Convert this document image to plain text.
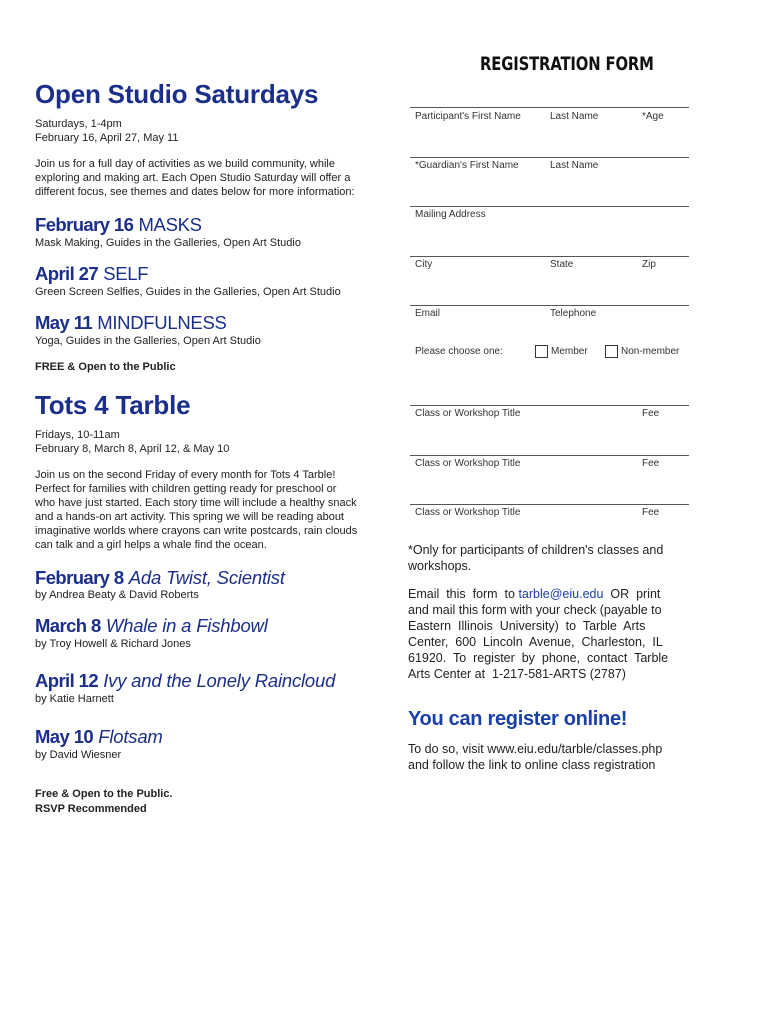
Open Studio Saturdays
Saturdays, 1-4pm
February 16, April 27, May 11
Join us for a full day of activities as we build community, while
exploring and making art. Each Open Studio Saturday will offer a
different focus, see themes and dates below for more information:
February 16 MASKS
Mask Making, Guides in the Galleries, Open Art Studio
April 27 SELF
Green Screen Selfies, Guides in the Galleries, Open Art Studio
May 11 MINDFULNESS
Yoga, Guides in the Galleries, Open Art Studio
FREE & Open to the Public
Tots 4 Tarble
Fridays, 10-11am
February 8, March 8, April 12, & May 10
Join us on the second Friday of every month for Tots 4 Tarble!
Perfect for families with children getting ready for preschool or
who have just started. Each story time will include a healthy snack
and a hands-on art activity. This spring we will be reading about
imaginative worlds where crayons can write postcards, rain clouds
can talk and a girl helps a whale find the ocean.
February 8 Ada Twist, Scientist
by Andrea Beaty & David Roberts
March 8 Whale in a Fishbowl
by Troy Howell & Richard Jones
April 12 Ivy and the Lonely Raincloud
by Katie Harnett
May 10 Flotsam
by David Wiesner
Free & Open to the Public.
RSVP Recommended
REGISTRATION FORM
Participant's First Name	Last Name	*Age
*Guardian's First Name	Last Name
Mailing Address
City	State	Zip
Email	Telephone
Please choose one:	Member	Non-member
Class or Workshop Title	Fee
Class or Workshop Title	Fee
Class or Workshop Title	Fee
*Only for participants of children's classes and
workshops.
Email  this  form  to tarble@eiu.edu  OR  print
and mail this form with your check (payable to
Eastern  Illinois  University)  to  Tarble  Arts
Center,  600  Lincoln  Avenue,  Charleston,  IL
61920.  To  register  by  phone,  contact  Tarble
Arts Center at  1-217-581-ARTS (2787)
You can register online!
To do so, visit www.eiu.edu/tarble/classes.php
and follow the link to online class registration
